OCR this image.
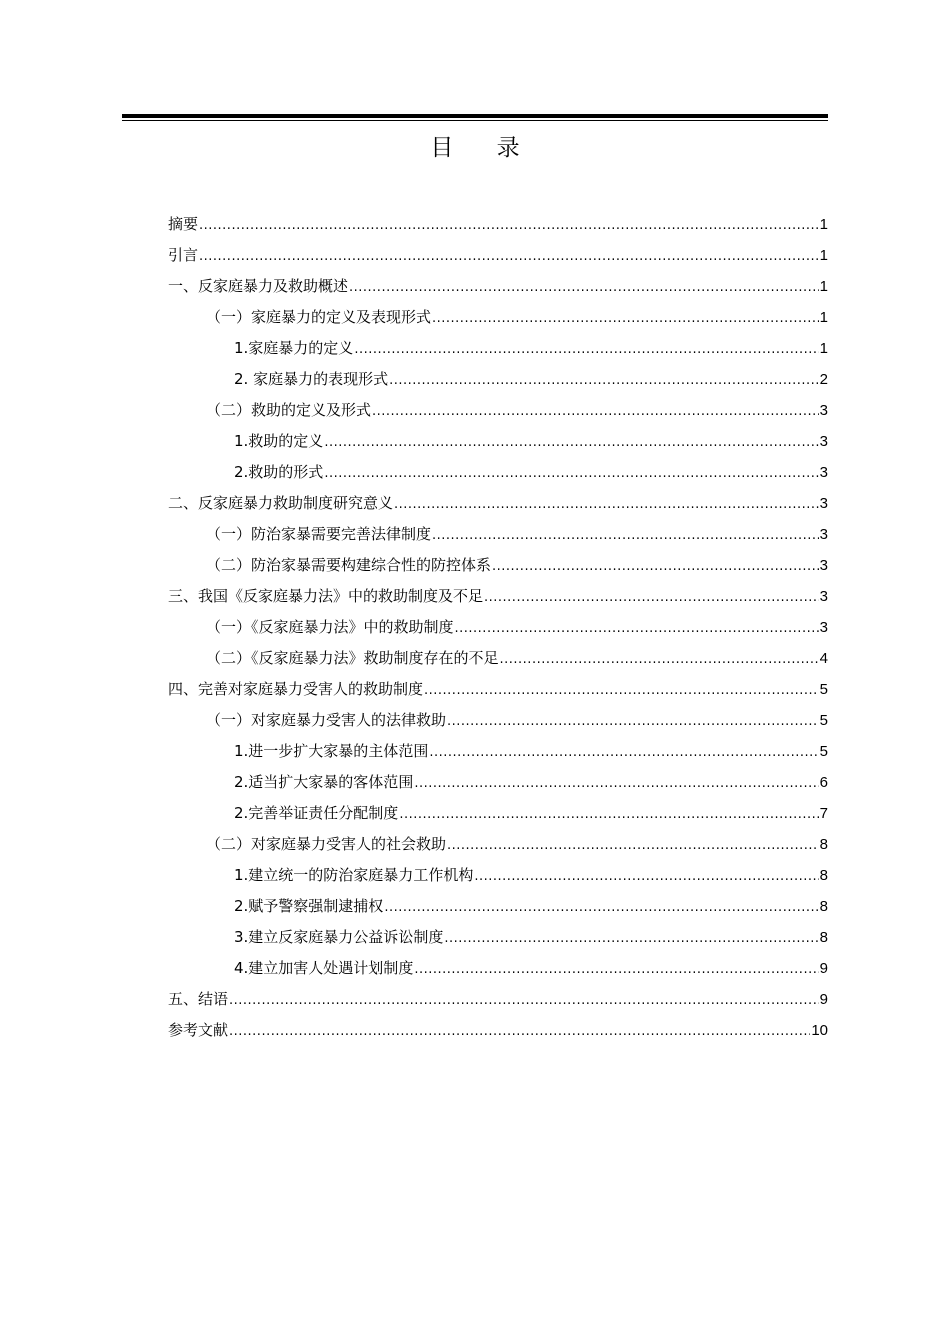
目 录
摘要 .....	1
引言 .....	1
一、反家庭暴力及救助概述 .....	1
（一）家庭暴力的定义及表现形式 .....	1
1.家庭暴力的定义 .....	1
2. 家庭暴力的表现形式 .....	2
（二）救助的定义及形式 .....	3
1.救助的定义 .....	3
2.救助的形式 .....	3
二、反家庭暴力救助制度研究意义 .....	3
（一）防治家暴需要完善法律制度 .....	3
（二）防治家暴需要构建综合性的防控体系 .....	3
三、我国《反家庭暴力法》中的救助制度及不足 .....	3
（一）《反家庭暴力法》中的救助制度 .....	3
（二）《反家庭暴力法》救助制度存在的不足 .....	4
四、完善对家庭暴力受害人的救助制度 .....	5
（一）对家庭暴力受害人的法律救助 .....	5
1.进一步扩大家暴的主体范围 .....	5
2.适当扩大家暴的客体范围 .....	6
2.完善举证责任分配制度 .....	7
（二）对家庭暴力受害人的社会救助 .....	8
1.建立统一的防治家庭暴力工作机构 .....	8
2.赋予警察强制逮捕权 .....	8
3.建立反家庭暴力公益诉讼制度 .....	8
4.建立加害人处遇计划制度 .....	9
五、结语 .....	9
参考文献 .....	10
